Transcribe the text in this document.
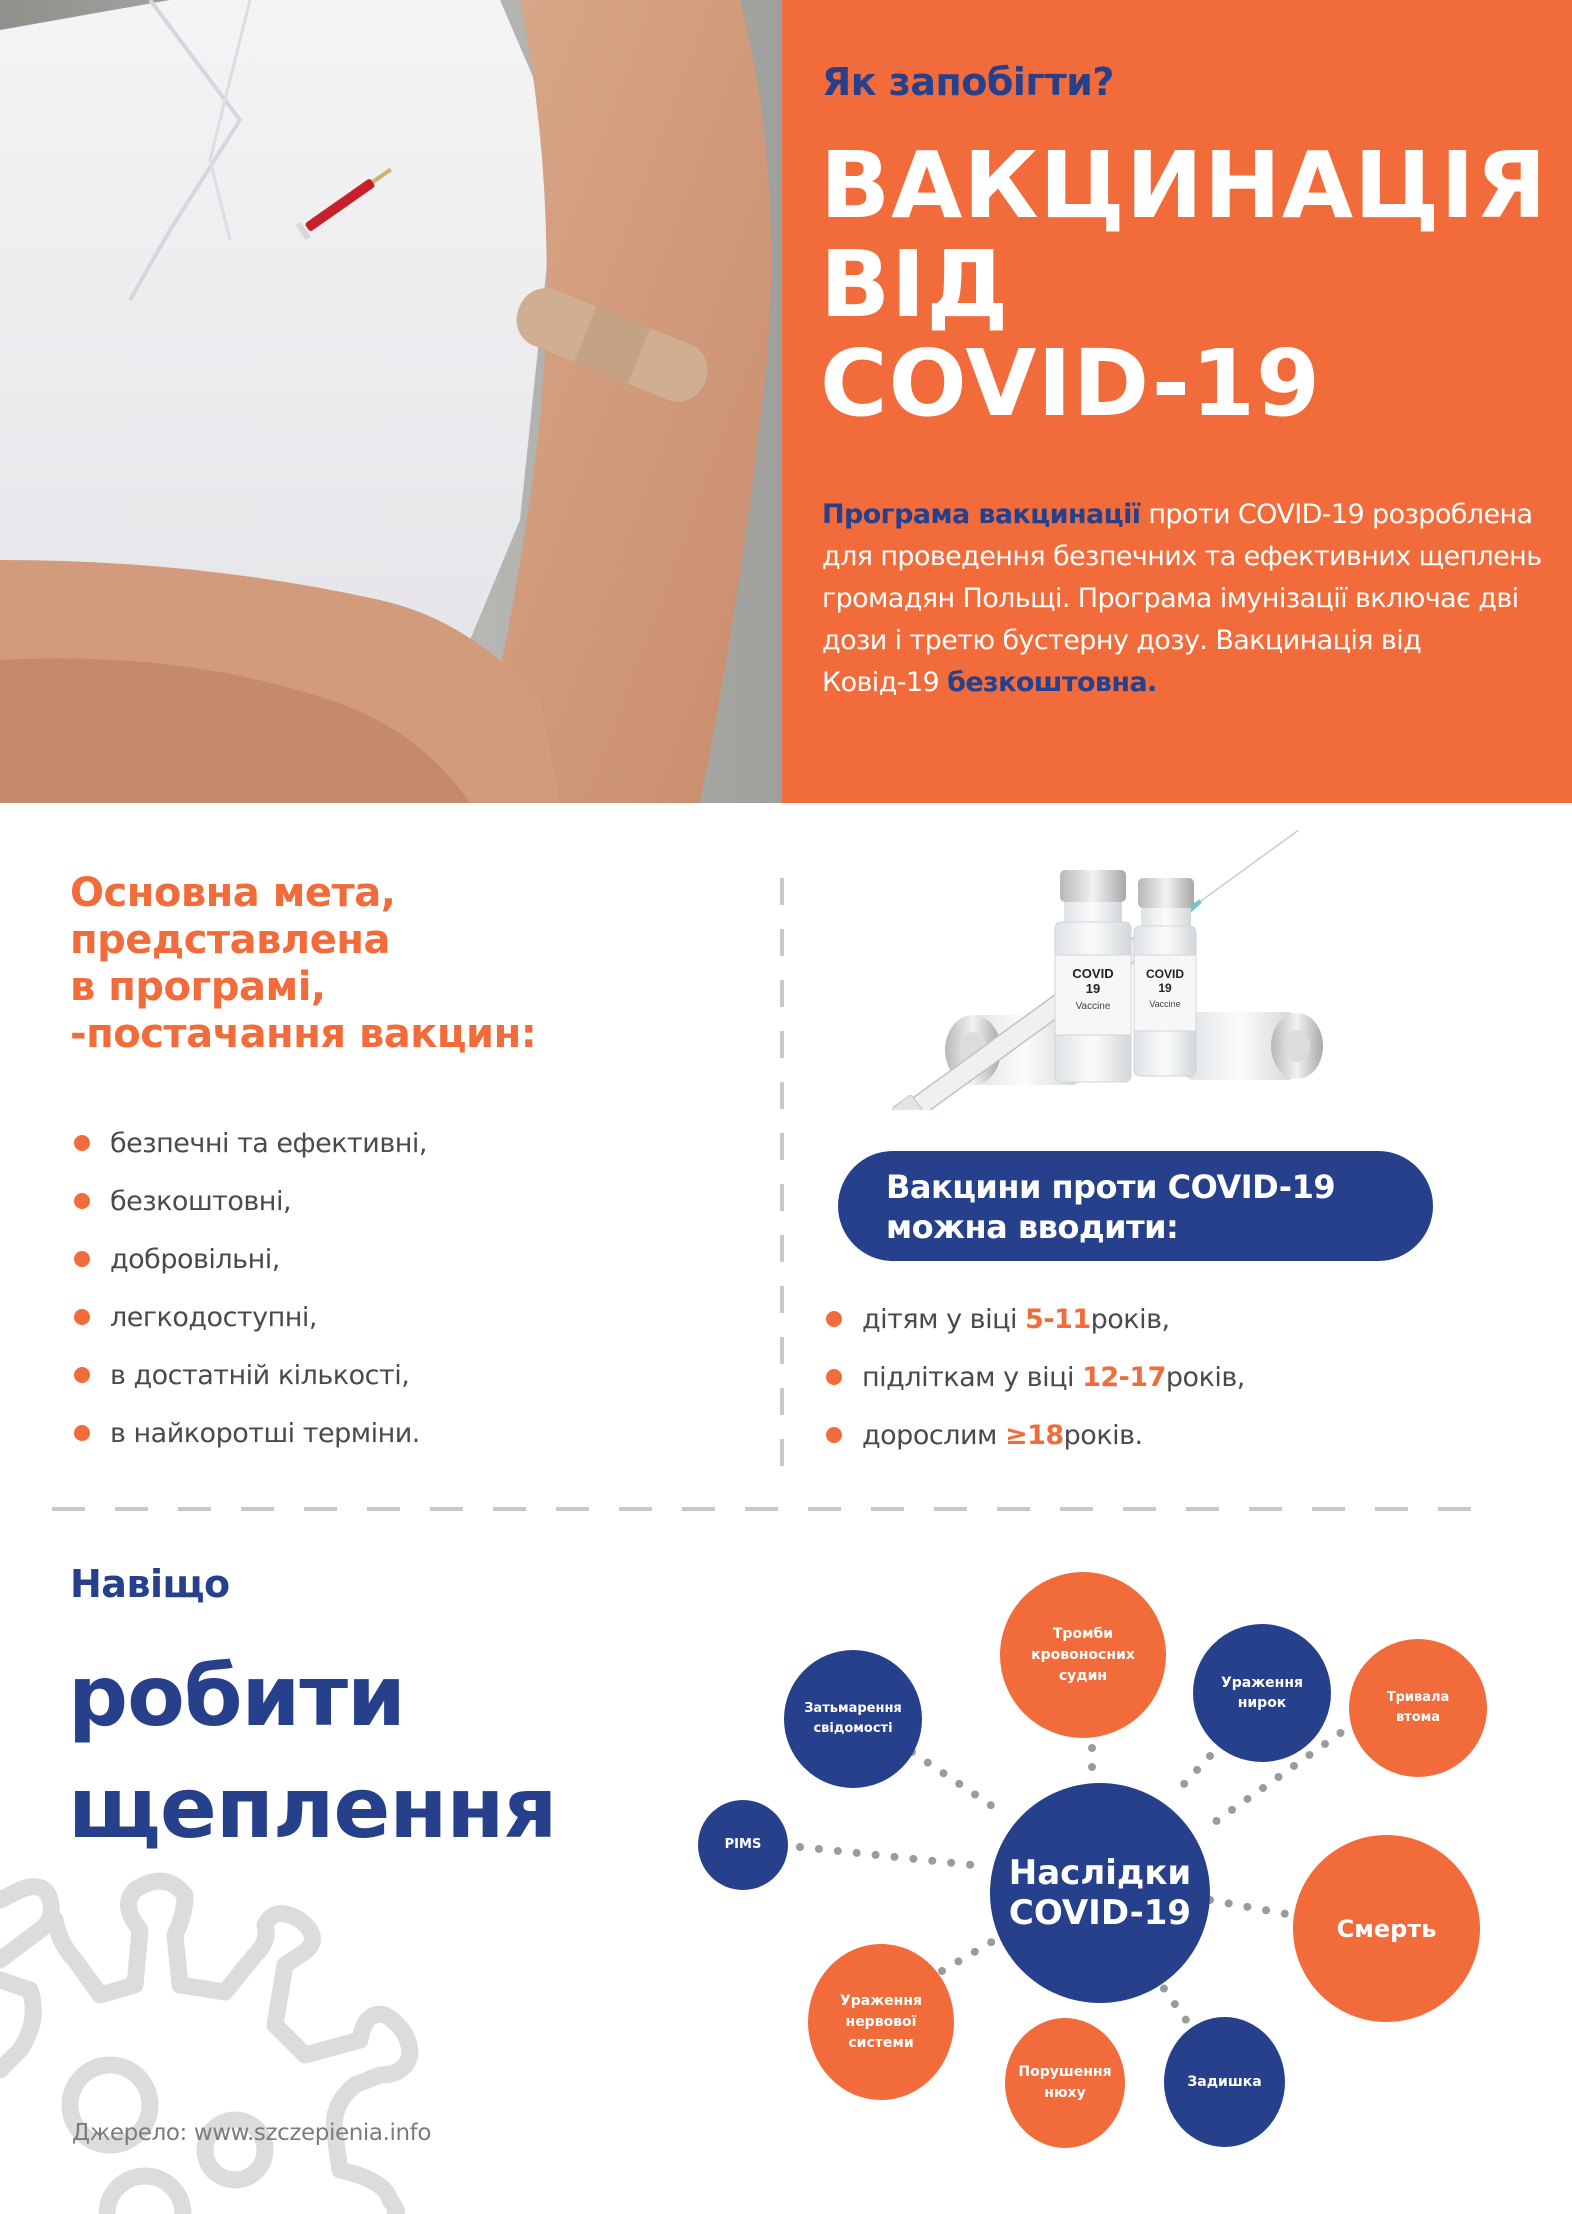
Як запобігти?
ВАКЦИНАЦІЯ
ВІД
COVID-19

Програма вакцинації проти COVID-19 розроблена для проведення безпечних та ефективних щеплень громадян Польщі. Програма імунізації включає дві дози і третю бустерну дозу. Вакцинація від Ковід-19 безкоштовна.

Основна мета,
представлена
в програмі,
-постачання вакцин:
безпечні та ефективні,
безкоштовні,
добровільні,
легкодоступні,
в достатній кількості,
в найкоротші терміни.
COVID
19
Vaccine
COVID
19
Vaccine
Вакцини проти COVID-19
можна вводити:
дітям у віці
5-11 років,
підліткам у віці
12-17 років,
дорослим
≥18 років.
Навіщо
робити
щеплення
Джерело: www.szczepienia.info
Наслідки
COVID-19
Тромби
кровоносних
судин	Ураження
нирок	Тривала
втома
Затьмарення
свідомості
PIMS
Смерть
Ураження
нервової
системи
Порушення
нюху
Задишка
